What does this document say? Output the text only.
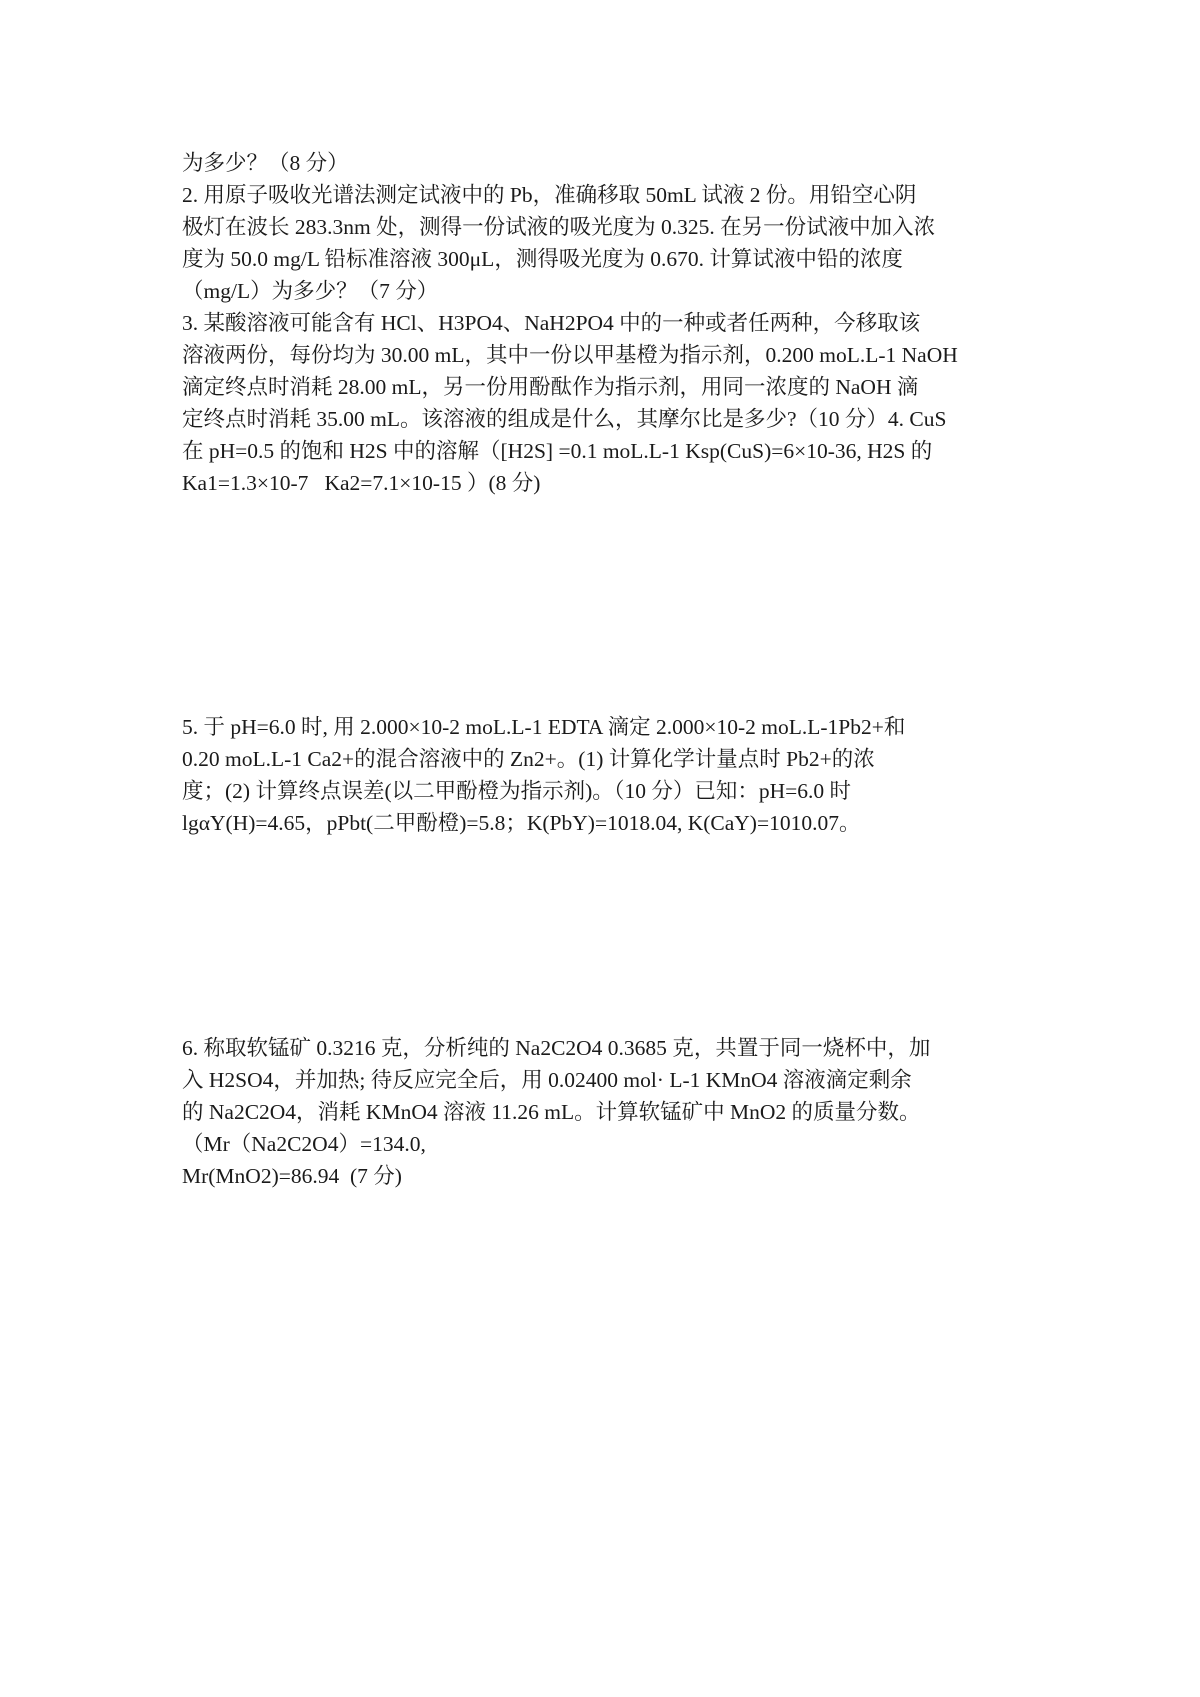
为多少？（8 分）
2. 用原子吸收光谱法测定试液中的 Pb，准确移取 50mL 试液 2 份。用铅空心阴
极灯在波长 283.3nm 处，测得一份试液的吸光度为 0.325. 在另一份试液中加入浓
度为 50.0 mg/L 铅标准溶液 300μL，测得吸光度为 0.670. 计算试液中铅的浓度
（mg/L）为多少？（7 分）
3. 某酸溶液可能含有 HCl、H3PO4、NaH2PO4 中的一种或者任两种，今移取该
溶液两份，每份均为 30.00 mL，其中一份以甲基橙为指示剂，0.200 moL.L-1 NaOH
滴定终点时消耗 28.00 mL，另一份用酚酞作为指示剂，用同一浓度的 NaOH 滴
定终点时消耗 35.00 mL。该溶液的组成是什么，其摩尔比是多少?（10 分）4. CuS
在 pH=0.5 的饱和 H2S 中的溶解（[H2S] =0.1 moL.L-1 Ksp(CuS)=6×10-36, H2S 的
Ka1=1.3×10-7   Ka2=7.1×10-15 ）(8 分)
5. 于 pH=6.0 时, 用 2.000×10-2 moL.L-1 EDTA 滴定 2.000×10-2 moL.L-1Pb2+和
0.20 moL.L-1 Ca2+的混合溶液中的 Zn2+。(1) 计算化学计量点时 Pb2+的浓
度；(2) 计算终点误差(以二甲酚橙为指示剂)。（10 分）已知：pH=6.0 时
lgαY(H)=4.65，pPbt(二甲酚橙)=5.8；K(PbY)=1018.04, K(CaY)=1010.07。
6. 称取软锰矿 0.3216 克，分析纯的 Na2C2O4 0.3685 克，共置于同一烧杯中，加
入 H2SO4，并加热; 待反应完全后，用 0.02400 mol· L-1 KMnO4 溶液滴定剩余
的 Na2C2O4，消耗 KMnO4 溶液 11.26 mL。计算软锰矿中 MnO2 的质量分数。
（Mr（Na2C2O4）=134.0,
Mr(MnO2)=86.94  (7 分)
